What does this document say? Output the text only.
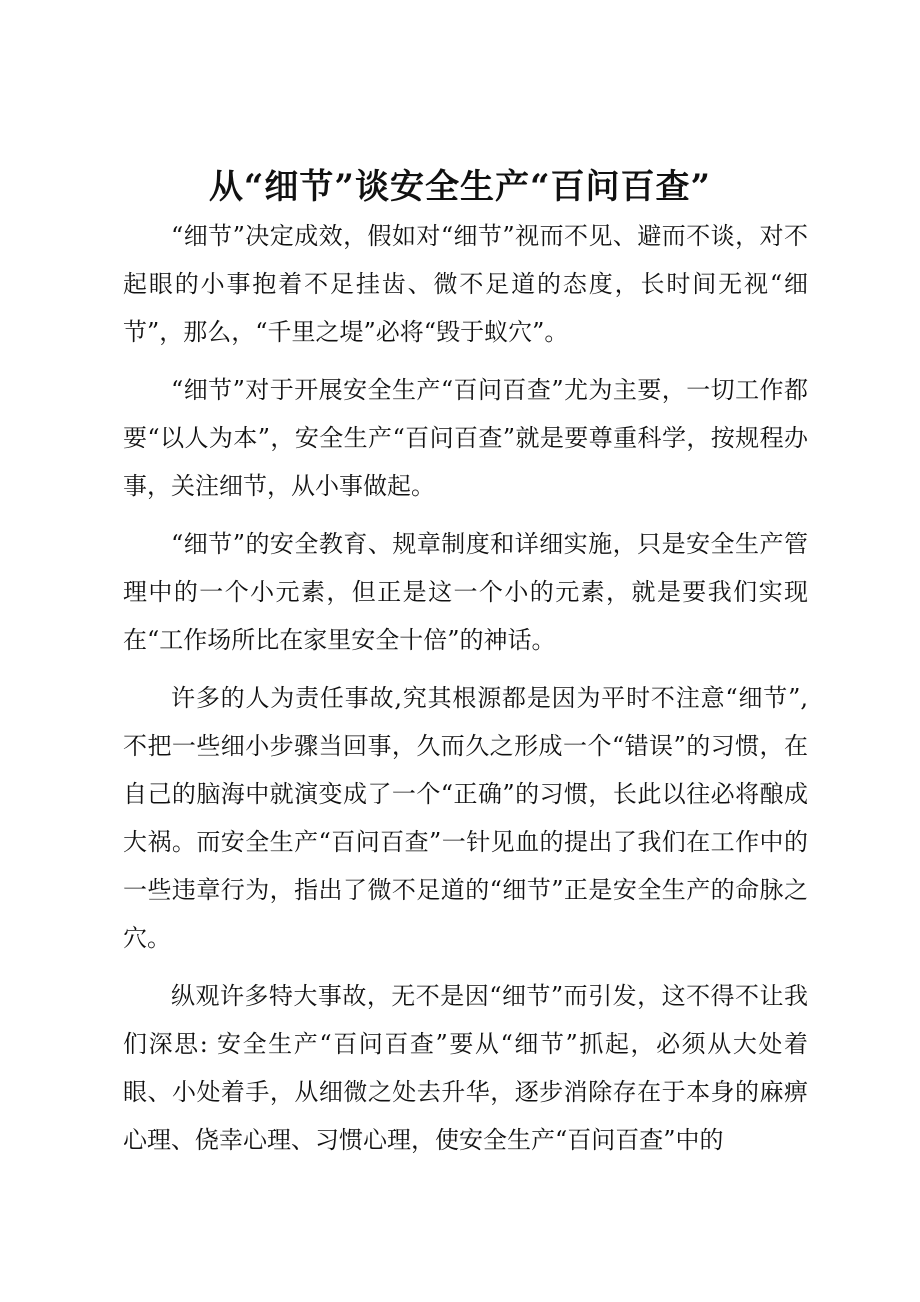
从“细节”谈安全生产“百问百查”

“细节”决定成效，假如对“细节”视而不见、避而不谈，对不起眼的小事抱着不足挂齿、微不足道的态度，长时间无视“细节”，那么，“千里之堤”必将“毁于蚁穴”。

“细节”对于开展安全生产“百问百查”尤为主要，一切工作都要“以人为本”，安全生产“百问百查”就是要尊重科学，按规程办事，关注细节，从小事做起。

“细节”的安全教育、规章制度和详细实施，只是安全生产管理中的一个小元素，但正是这一个小的元素，就是要我们实现在“工作场所比在家里安全十倍”的神话。

许多的人为责任事故,究其根源都是因为平时不注意“细节”,不把一些细小步骤当回事，久而久之形成一个“错误”的习惯，在自己的脑海中就演变成了一个“正确”的习惯，长此以往必将酿成大祸。而安全生产“百问百查”一针见血的提出了我们在工作中的一些违章行为，指出了微不足道的“细节”正是安全生产的命脉之穴。

纵观许多特大事故，无不是因“细节”而引发，这不得不让我们深思: 安全生产“百问百查”要从“细节”抓起，必须从大处着眼、小处着手，从细微之处去升华，逐步消除存在于本身的麻痹心理、侥幸心理、习惯心理，使安全生产“百问百查”中的
